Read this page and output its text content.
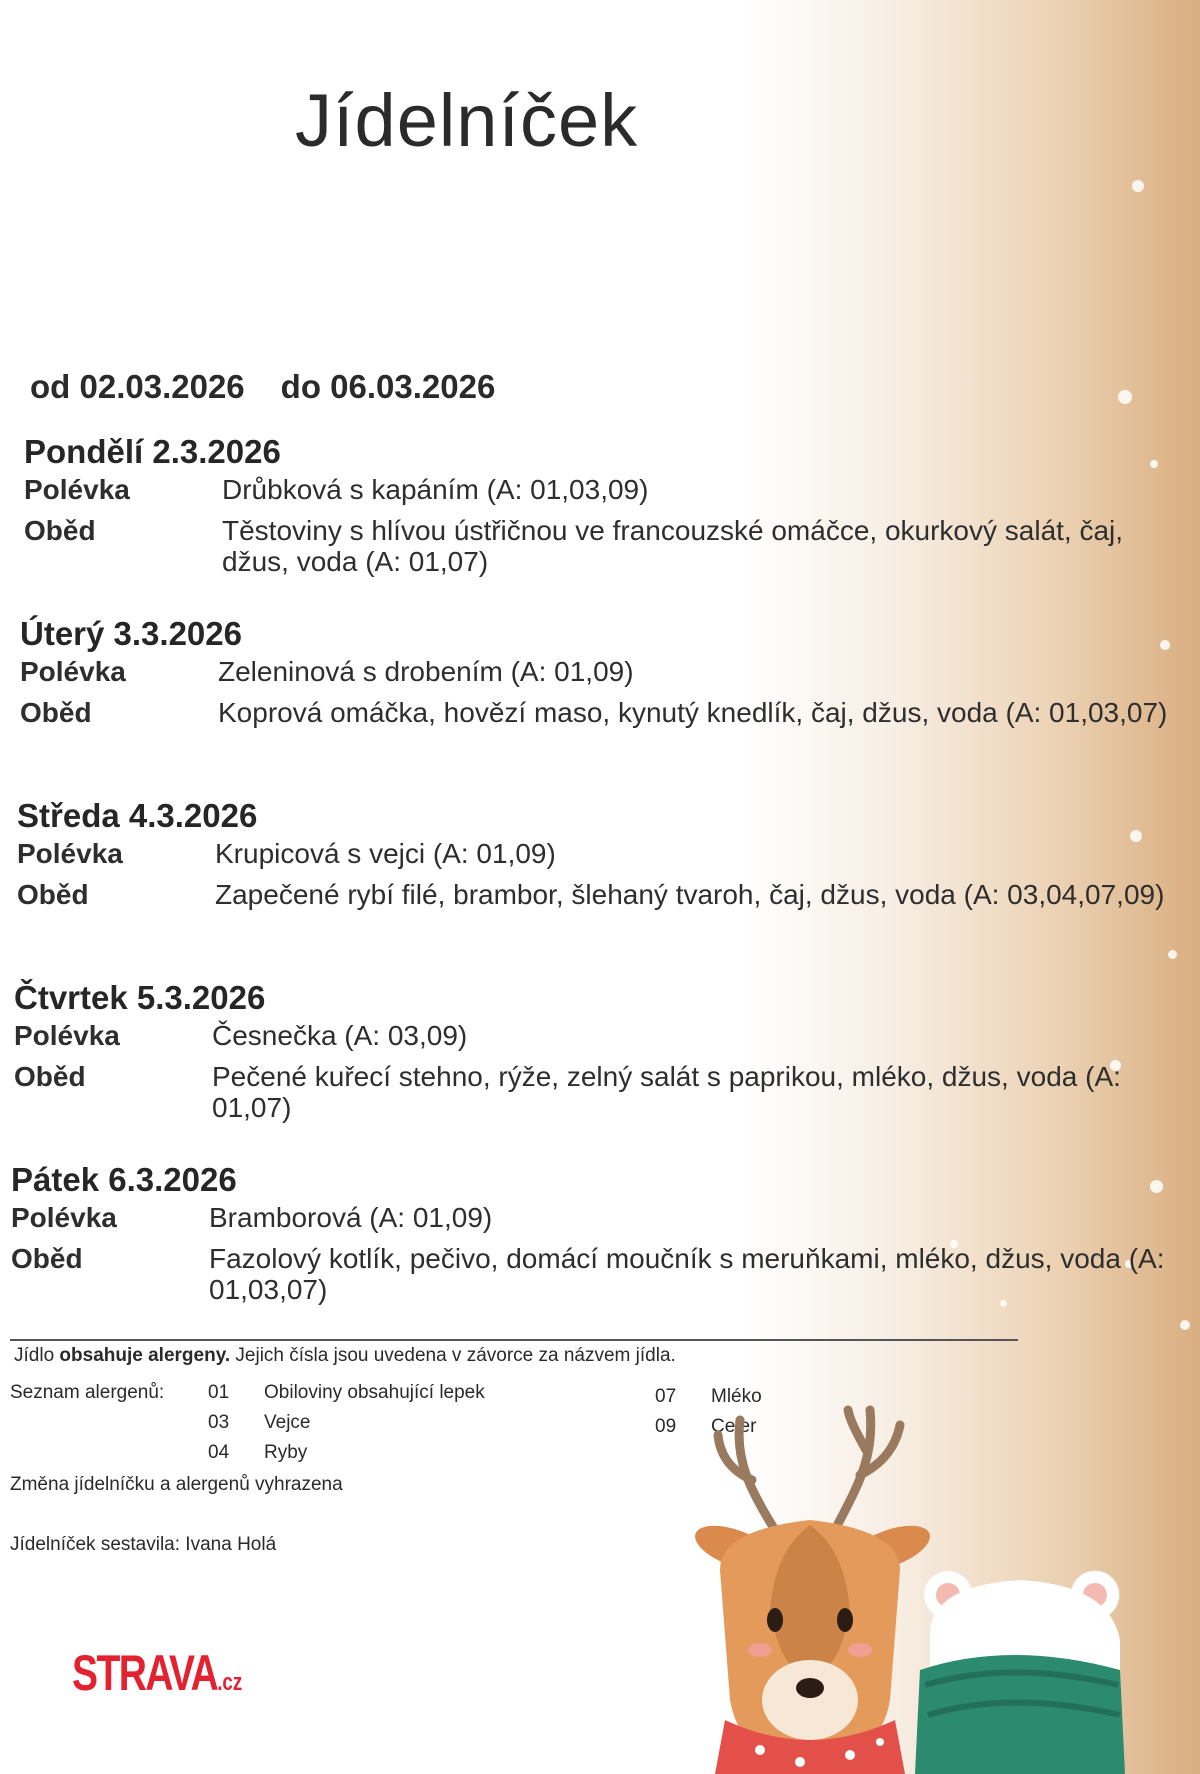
Jídelníček
od 02.03.2026 do 06.03.2026

Pondělí 2.3.2026

Polévka	Drůbková s kapáním (A: 01,03,09)
Oběd	Těstoviny s hlívou ústřičnou ve francouzské omáčce, okurkový salát, čaj, džus, voda (A: 01,07)

Úterý 3.3.2026

Polévka	Zeleninová s drobením (A: 01,09)
Oběd	Koprová omáčka, hovězí maso, kynutý knedlík, čaj, džus, voda (A: 01,03,07)

Středa 4.3.2026

Polévka	Krupicová s vejci (A: 01,09)
Oběd	Zapečené rybí filé, brambor, šlehaný tvaroh, čaj, džus, voda (A: 03,04,07,09)

Čtvrtek 5.3.2026

Polévka	Česnečka (A: 03,09)
Oběd	Pečené kuřecí stehno, rýže, zelný salát s paprikou, mléko, džus, voda (A: 01,07)

Pátek 6.3.2026

Polévka	Bramborová (A: 01,09)
Oběd	Fazolový kotlík, pečivo, domácí moučník s meruňkami, mléko, džus, voda (A: 01,03,07)
Jídlo obsahuje alergeny. Jejich čísla jsou uvedena v závorce za názvem jídla.
Seznam alergenů: 01 Obiloviny obsahující lepek
03 Vejce
04 Ryby
07 Mléko
09 Celer
Změna jídelníčku a alergenů vyhrazena
Jídelníček sestavila: Ivana Holá
STRAVA.cz
